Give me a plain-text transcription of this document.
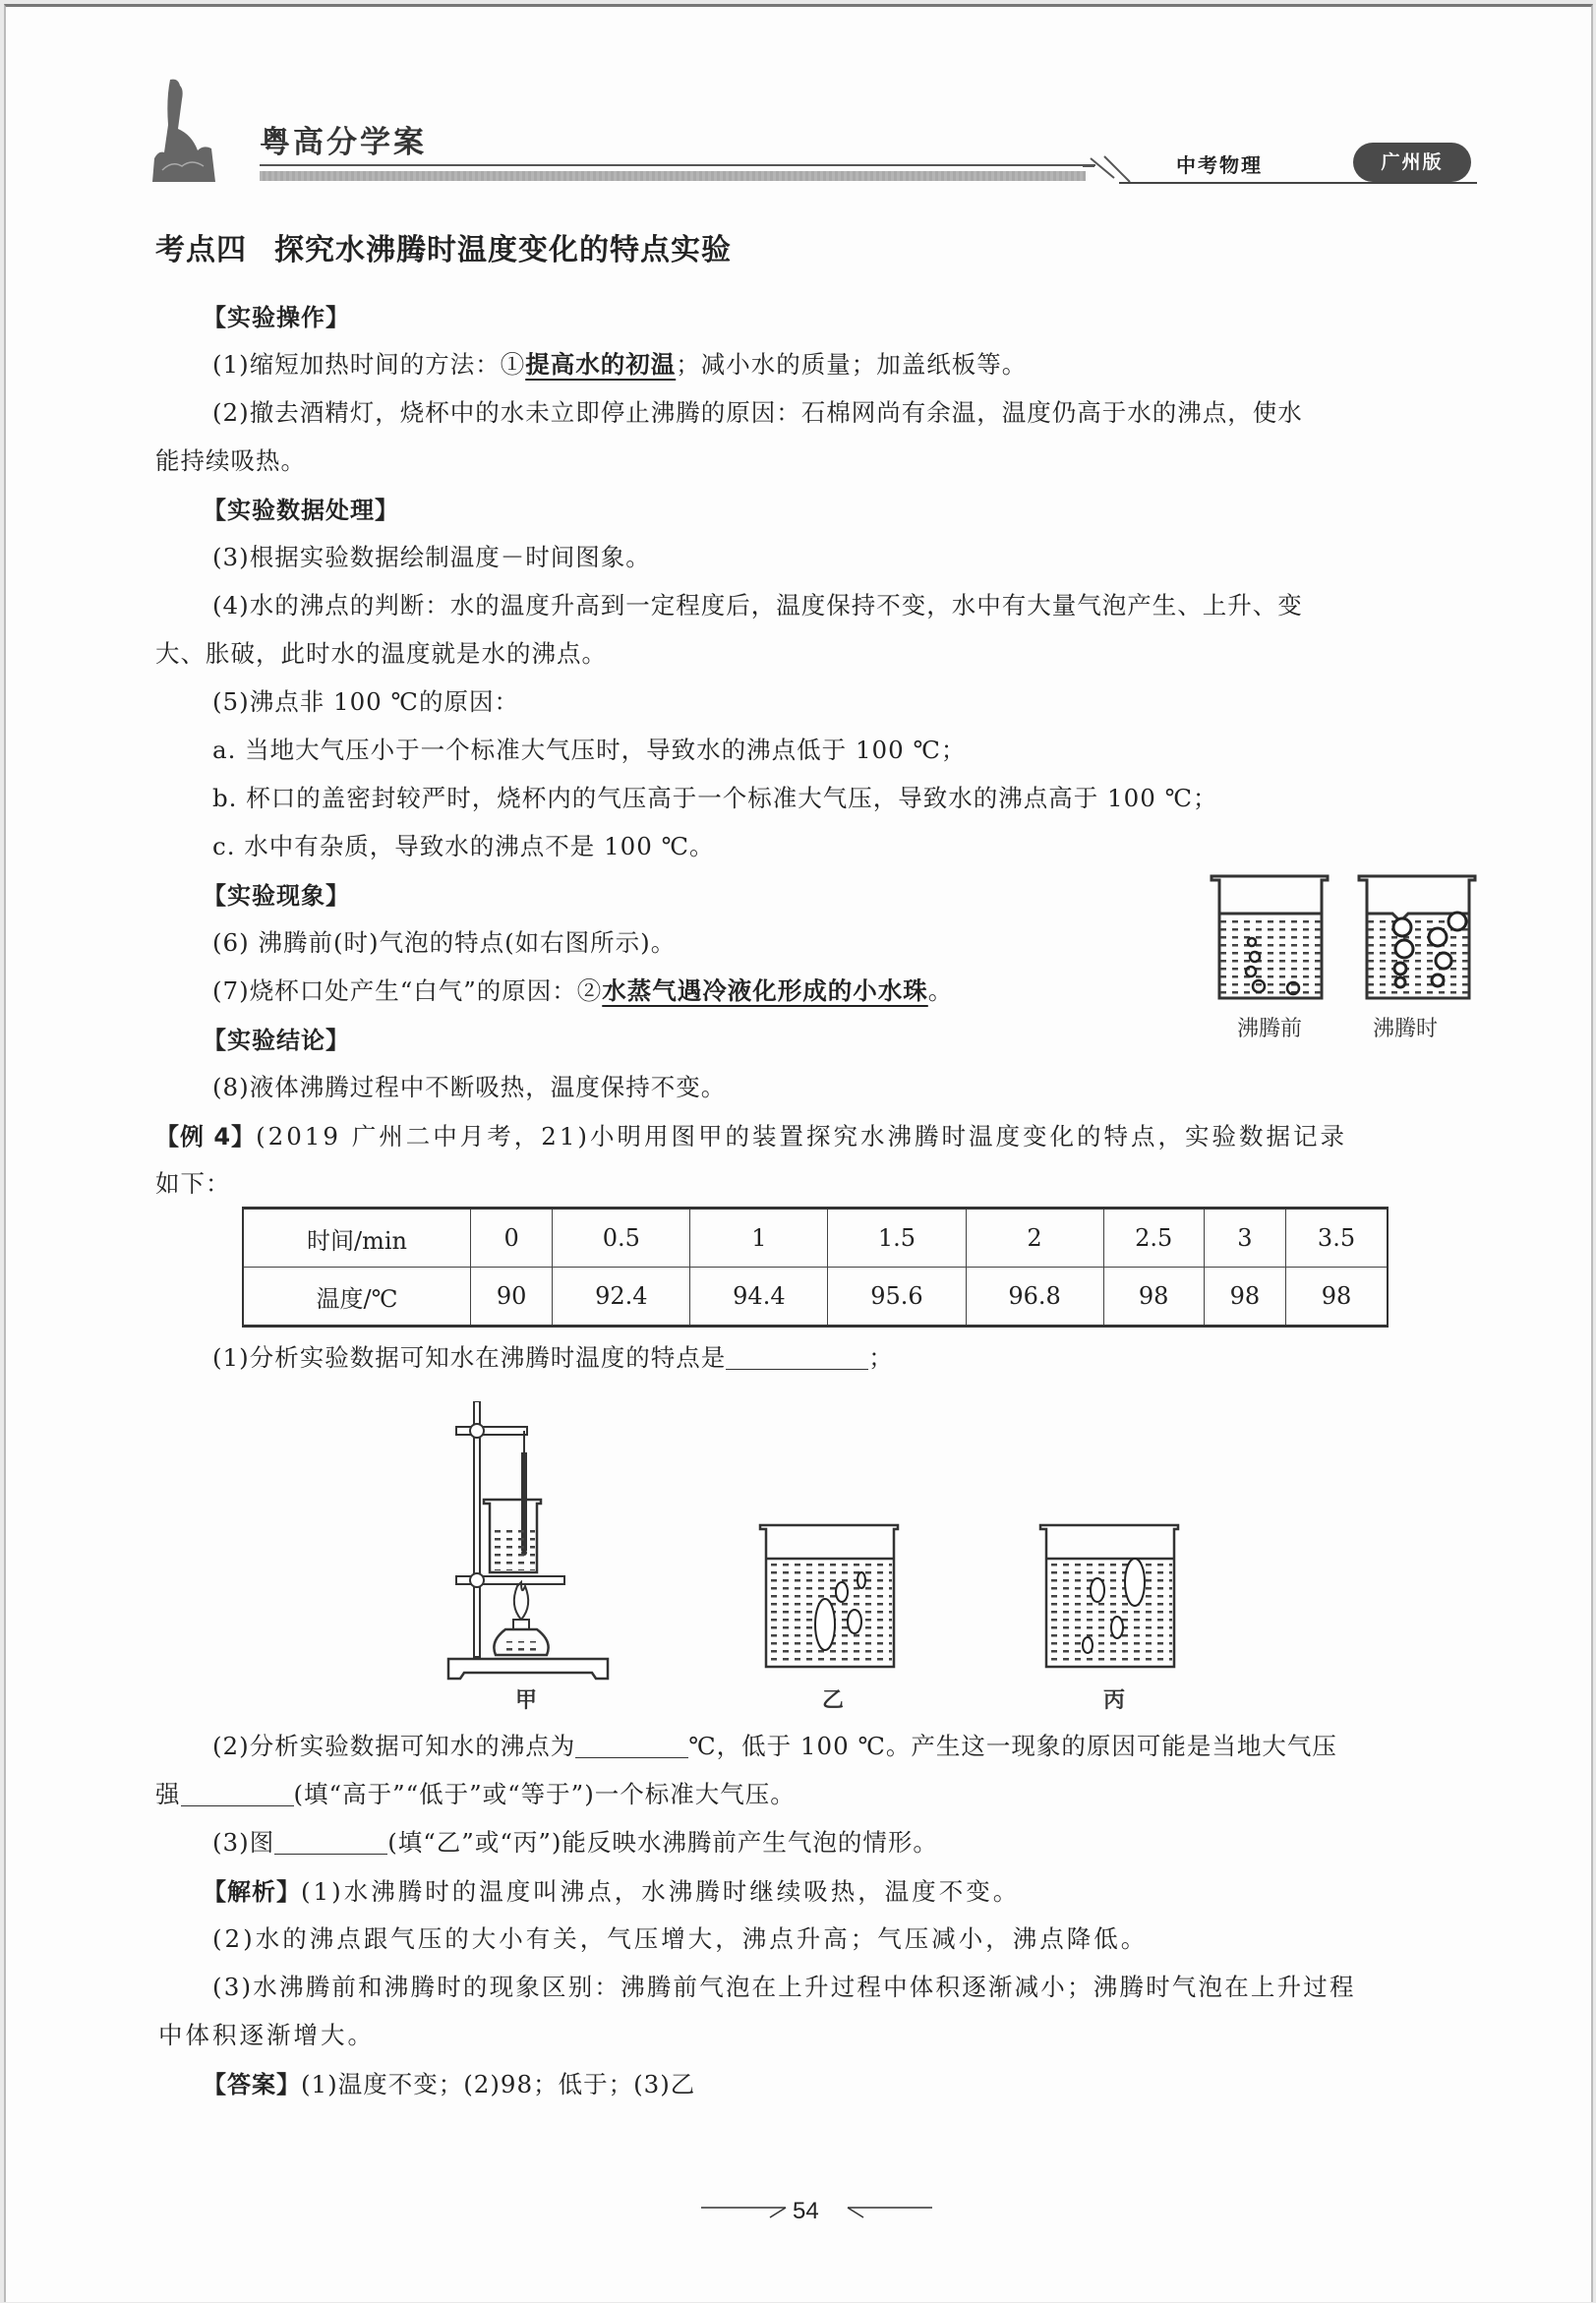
粤高分学案
中考物理	广州版
考点四 探究水沸腾时温度变化的特点实验
【实验操作】
(1)缩短加热时间的方法：①提高水的初温；减小水的质量；加盖纸板等。
(2)撤去酒精灯，烧杯中的水未立即停止沸腾的原因：石棉网尚有余温，温度仍高于水的沸点，使水
能持续吸热。
【实验数据处理】
(3)根据实验数据绘制温度－时间图象。
(4)水的沸点的判断：水的温度升高到一定程度后，温度保持不变，水中有大量气泡产生、上升、变
大、胀破，此时水的温度就是水的沸点。
(5)沸点非 100 ℃的原因：
a. 当地大气压小于一个标准大气压时，导致水的沸点低于 100 ℃；
b. 杯口的盖密封较严时，烧杯内的气压高于一个标准大气压，导致水的沸点高于 100 ℃；
c. 水中有杂质，导致水的沸点不是 100 ℃。
【实验现象】
(6) 沸腾前(时)气泡的特点(如右图所示)。
(7)烧杯口处产生“白气”的原因：②水蒸气遇冷液化形成的小水珠。
沸腾前	沸腾时
【实验结论】
(8)液体沸腾过程中不断吸热，温度保持不变。
【例 4】(2019 广州二中月考，21)小明用图甲的装置探究水沸腾时温度变化的特点，实验数据记录
如下：
时间/min	0	0.5	1	1.5	2	2.5	3	3.5
温度/℃	90	92.4	94.4	95.6	96.8	98	98	98
(1)分析实验数据可知水在沸腾时温度的特点是	；
甲	乙	丙
(2)分析实验数据可知水的沸点为	℃，低于 100 ℃。产生这一现象的原因可能是当地大气压
强	(填“高于”“低于”或“等于”)一个标准大气压。
(3)图	(填“乙”或“丙”)能反映水沸腾前产生气泡的情形。
【解析】(1)水沸腾时的温度叫沸点，水沸腾时继续吸热，温度不变。
(2)水的沸点跟气压的大小有关，气压增大，沸点升高；气压减小，沸点降低。
(3)水沸腾前和沸腾时的现象区别：沸腾前气泡在上升过程中体积逐渐减小；沸腾时气泡在上升过程
中体积逐渐增大。
【答案】(1)温度不变；(2)98；低于；(3)乙
54
